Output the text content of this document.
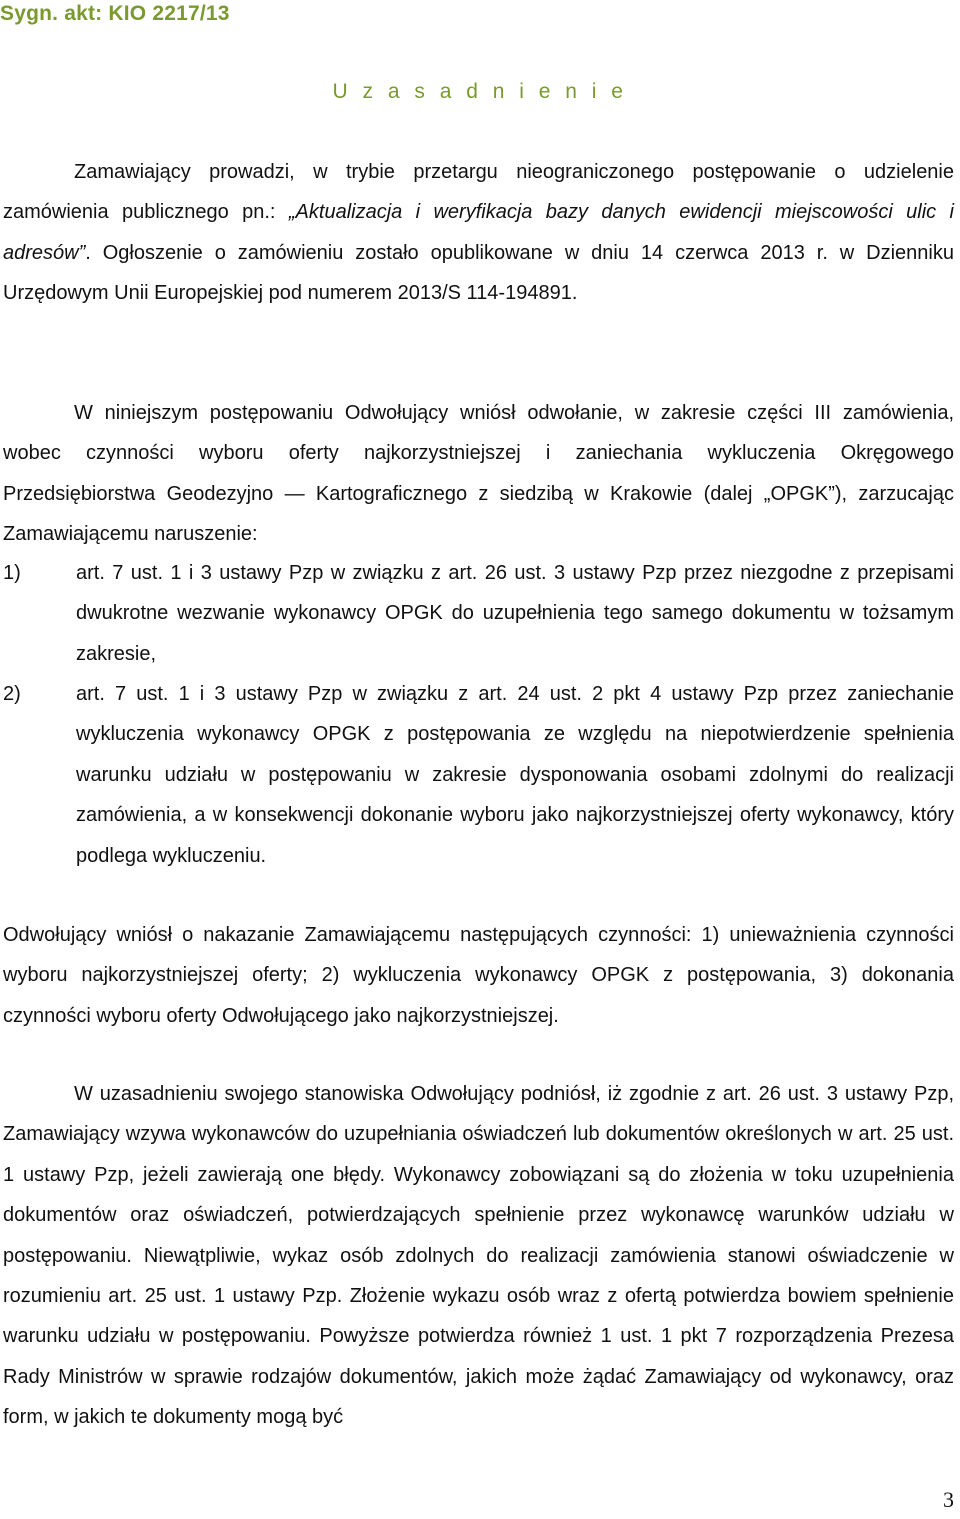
Sygn. akt: KIO 2217/13
U z a s a d n i e n i e

Zamawiający prowadzi, w trybie przetargu nieograniczonego postępowanie o udzielenie zamówienia publicznego pn.: „Aktualizacja i weryfikacja bazy danych ewidencji miejscowości ulic i adresów”. Ogłoszenie o zamówieniu zostało opublikowane w dniu 14 czerwca 2013 r. w Dzienniku Urzędowym Unii Europejskiej pod numerem 2013/S 114-194891.

W niniejszym postępowaniu Odwołujący wniósł odwołanie, w zakresie części III zamówienia, wobec czynności wyboru oferty najkorzystniejszej i zaniechania wykluczenia Okręgowego Przedsiębiorstwa Geodezyjno — Kartograficznego z siedzibą w Krakowie (dalej „OPGK”), zarzucając Zamawiającemu naruszenie:

1)	art. 7 ust. 1 i 3 ustawy Pzp w związku z art. 26 ust. 3 ustawy Pzp przez niezgodne z przepisami dwukrotne wezwanie wykonawcy OPGK do uzupełnienia tego samego dokumentu w tożsamym zakresie,
2)	art. 7 ust. 1 i 3 ustawy Pzp w związku z art. 24 ust. 2 pkt 4 ustawy Pzp przez zaniechanie wykluczenia wykonawcy OPGK z postępowania ze względu na niepotwierdzenie spełnienia warunku udziału w postępowaniu w zakresie dysponowania osobami zdolnymi do realizacji zamówienia, a w konsekwencji dokonanie wyboru jako najkorzystniejszej oferty wykonawcy, który podlega wykluczeniu.

Odwołujący wniósł o nakazanie Zamawiającemu następujących czynności: 1) unieważnienia czynności wyboru najkorzystniejszej oferty; 2) wykluczenia wykonawcy OPGK z postępowania, 3) dokonania czynności wyboru oferty Odwołującego jako najkorzystniejszej.

W uzasadnieniu swojego stanowiska Odwołujący podniósł, iż zgodnie z art. 26 ust. 3 ustawy Pzp, Zamawiający wzywa wykonawców do uzupełniania oświadczeń lub dokumentów określonych w art. 25 ust. 1 ustawy Pzp, jeżeli zawierają one błędy. Wykonawcy zobowiązani są do złożenia w toku uzupełnienia dokumentów oraz oświadczeń, potwierdzających spełnienie przez wykonawcę warunków udziału w postępowaniu. Niewątpliwie, wykaz osób zdolnych do realizacji zamówienia stanowi oświadczenie w rozumieniu art. 25 ust. 1 ustawy Pzp. Złożenie wykazu osób wraz z ofertą potwierdza bowiem spełnienie warunku udziału w postępowaniu. Powyższe potwierdza również 1 ust. 1 pkt 7 rozporządzenia Prezesa Rady Ministrów w sprawie rodzajów dokumentów, jakich może żądać Zamawiający od wykonawcy, oraz form, w jakich te dokumenty mogą być

3
